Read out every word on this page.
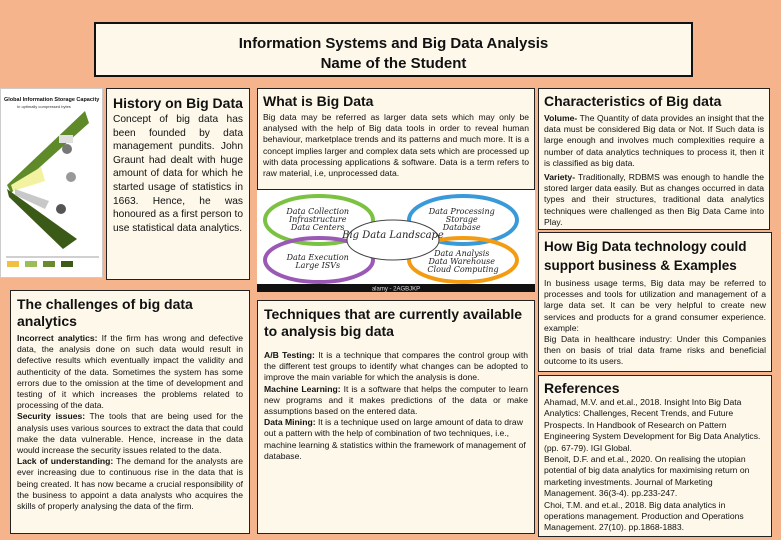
Information Systems and Big Data Analysis
Name of the Student
Global Information Storage Capacity
In optimally compressed bytes	History on Big Data

Concept of big data has been founded by data management pundits. John Graunt had dealt with huge amount of data for which he started usage of statistics in 1663. Hence, he was honoured as a first person to use statistical data analytics.

What is Big Data

Big data may be referred as larger data sets which may only be analysed with the help of Big data tools in order to reveal human behaviour, marketplace trends and its patterns and much more. It is a concept implies larger and complex data sets which are processed up with data processing applications & software. Data is a term refers to raw material, i.e, unprocessed data.

Big Data Landscape
Data Collection Infrastructure Data Centers Data Processing Storage Database Data Execution Large ISVs Data Analysis Data Warehouse Cloud Computing
alamy - 2AGBJKP
Characteristics of Big data

Volume- The Quantity of data provides an insight that the data must be considered Big data or Not. If Such data is large enough and involves much complexities require a number of data analytics techniques to process it, then it is classified as big data.

Variety- Traditionally, RDBMS was enough to handle the stored larger data easily. But as changes occurred in data types and their structures, traditional data analytics techniques were challenged as then Big Data Came into Play.

How Big Data technology could support business & Examples

In business usage terms, Big data may be referred to processes and tools for utilization and management of a large data set. It can be very helpful to create new services and products for a grand consumer experience. example:

Big Data in healthcare industry: Under this Companies then on basis of trial data frame risks and beneficial outcome to its users.

The challenges of big data analytics

Incorrect analytics: If the firm has wrong and defective data, the analysis done on such data would result in defective results which eventually impact the validity and authenticity of the data. Sometimes the system has some errors due to the omission at the time of development and testing of it which increases the problems related to processing of the data.

Security issues: The tools that are being used for the analysis uses various sources to extract the data that could make the data vulnerable. Hence, increase in the data would increase the security issues related to the data.

Lack of understanding: The demand for the analysts are ever increasing due to continuous rise in the data that is being created. It has now became a crucial responsibility of the business to appoint a data analysts who acquires the skills of properly analysing the data of the firm.

Techniques that are currently available to analysis big data

A/B Testing: It is a technique that compares the control group with the different test groups to identify what changes can be adopted to improve the main variable for which the analysis is done.

Machine Learning: It is a software that helps the computer to learn new programs and it makes predictions of the data or make assumptions based on the entered data.

Data Mining: It is a technique used on large amount of data to draw out a pattern with the help of combination of two techniques, i.e., machine learning & statistics within the framework of management of database.

References

Ahamad, M.V. and et.al., 2018. Insight Into Big Data Analytics: Challenges, Recent Trends, and Future Prospects. In Handbook of Research on Pattern Engineering System Development for Big Data Analytics. (pp. 67-79). IGI Global.

Benoit, D.F. and et.al., 2020. On realising the utopian potential of big data analytics for maximising return on marketing investments. Journal of Marketing Management. 36(3-4). pp.233-247.

Choi, T.M. and et.al., 2018. Big data analytics in operations management. Production and Operations Management. 27(10). pp.1868-1883.
